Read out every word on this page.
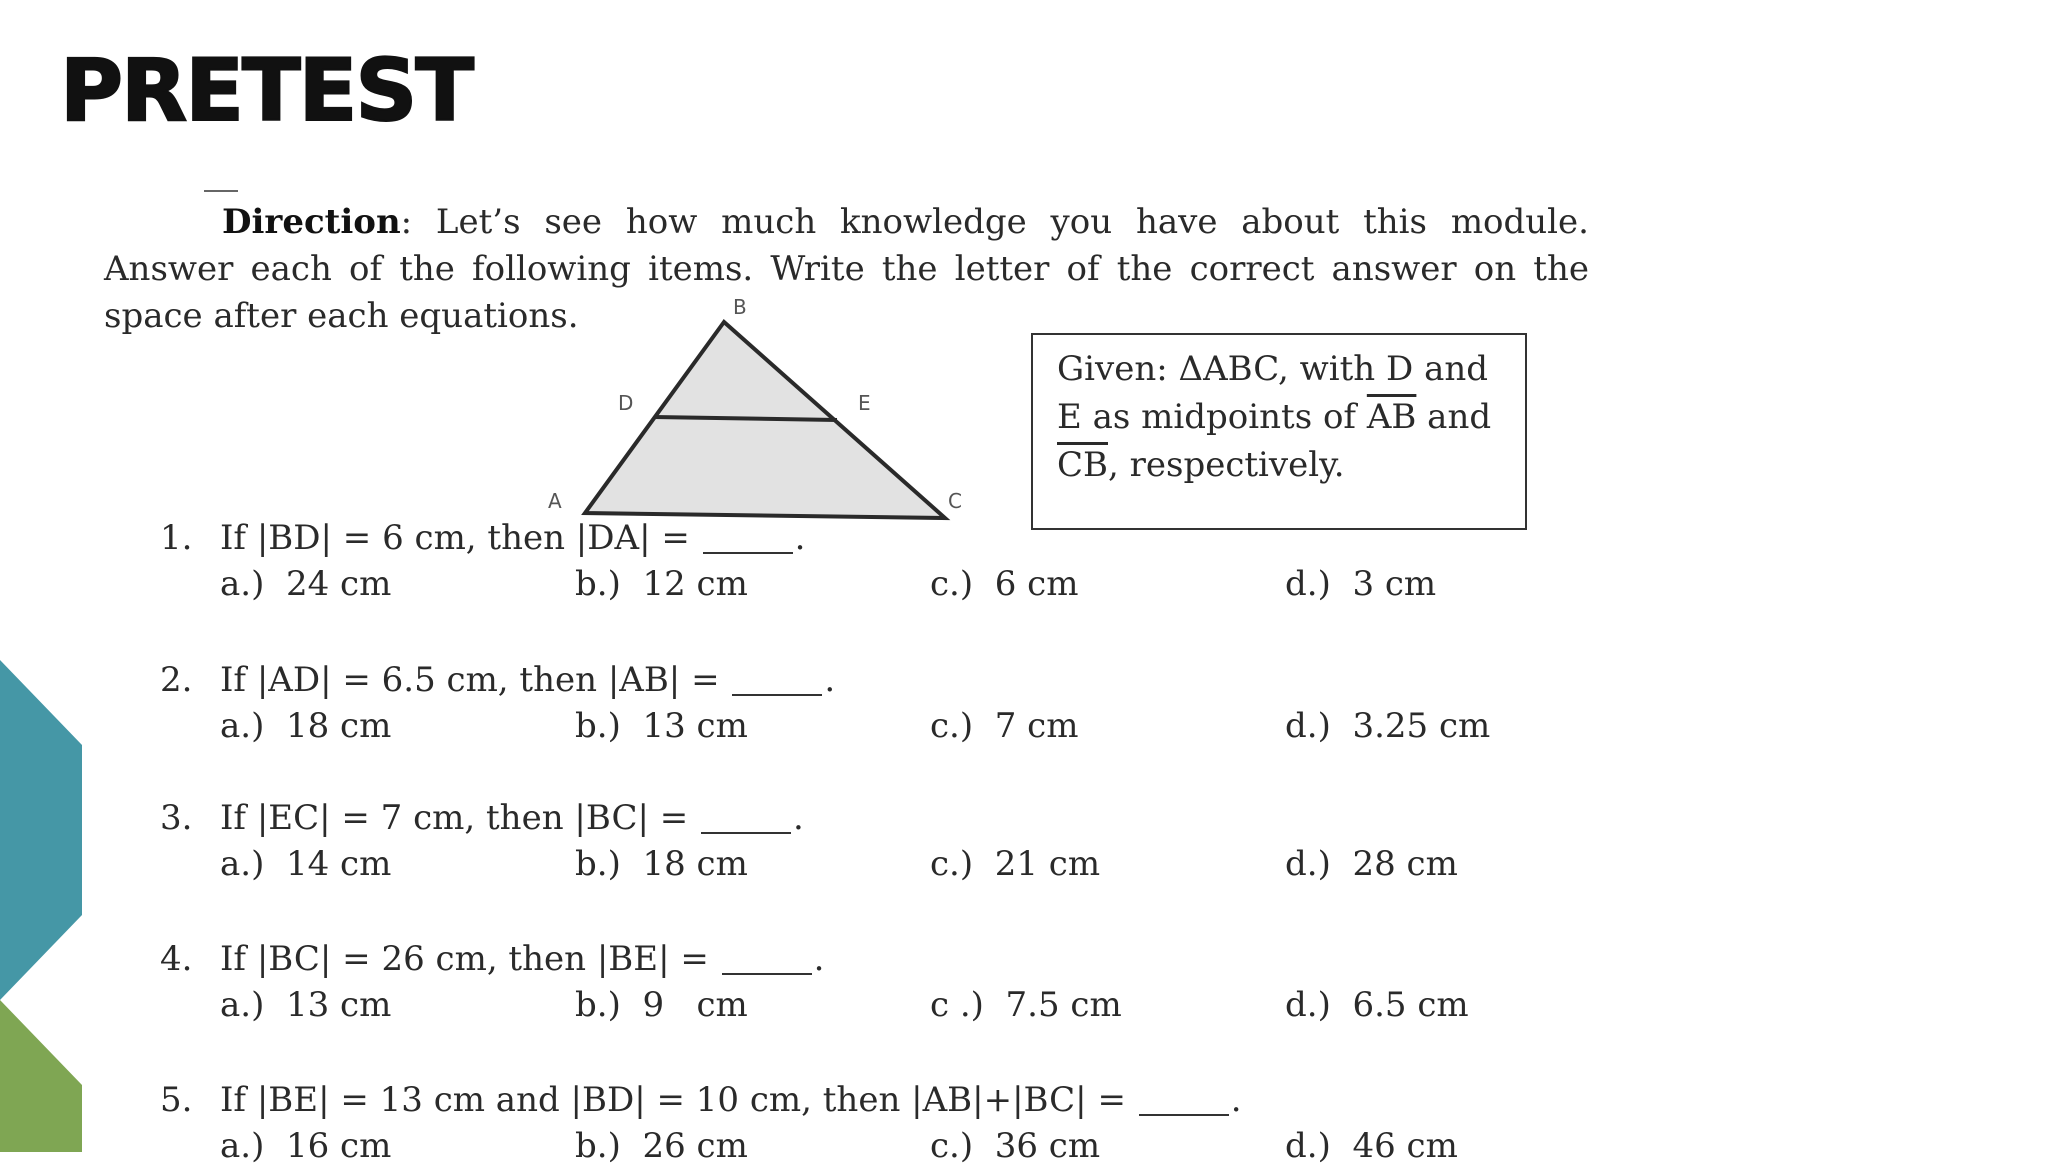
PRETEST
Direction: Let’s see how much knowledge you have about this module. Answer each of the following items. Write the letter of the correct answer on the space after each equations.	B
D	E
A	C
Given: ΔABC, with D and
E as midpoints of $\overline{AB}$ and
$\overline{CB}$, respectively.
1. If |BD| = 6 cm, then |DA| =	.
a.)  24 cm	b.)  12 cm	c.)  6 cm	d.)  3 cm
2. If |AD| = 6.5 cm, then |AB| =	.
a.)  18 cm	b.)  13 cm	c.)  7 cm	d.)  3.25 cm
3. If |EC| = 7 cm, then |BC| =	.
a.)  14 cm	b.)  18 cm	c.)  21 cm	d.)  28 cm
4. If |BC| = 26 cm, then |BE| =	.
a.)  13 cm	b.)  9   cm	c .)  7.5 cm	d.)  6.5 cm
5. If |BE| = 13 cm and |BD| = 10 cm, then |AB|+|BC| =	.
a.)  16 cm	b.)  26 cm	c.)  36 cm	d.)  46 cm
